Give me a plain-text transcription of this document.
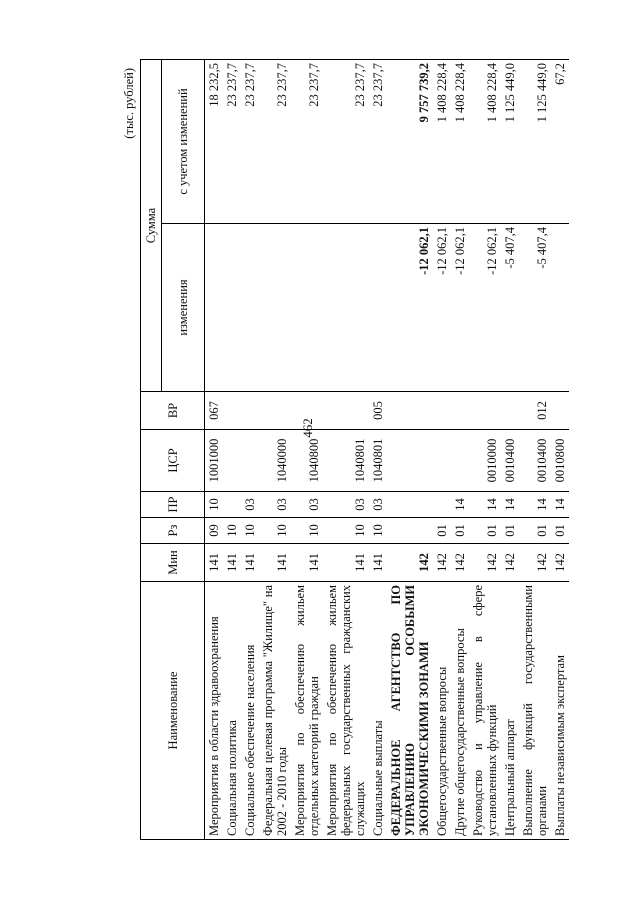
462
(тыс. рублей)
Наименование	Мин	Рз	ПР	ЦСР	ВР	Сумма	
						изменения	с учетом изменений
Мероприятия в области здравоохранения	141	09	10	1001000	067		18 232,5
Социальная политика	141	10					23 237,7
Социальное обеспечение населения	141	10	03				23 237,7
Федеральная целевая программа "Жилище" на 2002 - 2010 годы	141	10	03	1040000			23 237,7
Мероприятия по обеспечению жильем отдельных категорий граждан	141	10	03	1040800			23 237,7
Мероприятия по обеспечению жильем федеральных государственных гражданских служащих	141	10	03	1040801			23 237,7
Социальные выплаты	141	10	03	1040801	005		23 237,7
ФЕДЕРАЛЬНОЕ АГЕНТСТВО ПО УПРАВЛЕНИЮ ОСОБЫМИ ЭКОНОМИЧЕСКИМИ ЗОНАМИ	142					-12 062,1	9 757 739,2
Общегосударственные вопросы	142	01				-12 062,1	1 408 228,4
Другие общегосударственные вопросы	142	01	14			-12 062,1	1 408 228,4
Руководство и управление в сфере установленных функций	142	01	14	0010000		-12 062,1	1 408 228,4
Центральный аппарат	142	01	14	0010400		-5 407,4	1 125 449,0
Выполнение функций государственными органами	142	01	14	0010400	012	-5 407,4	1 125 449,0
Выплаты независимым экспертам	142	01	14	0010800			67,2
